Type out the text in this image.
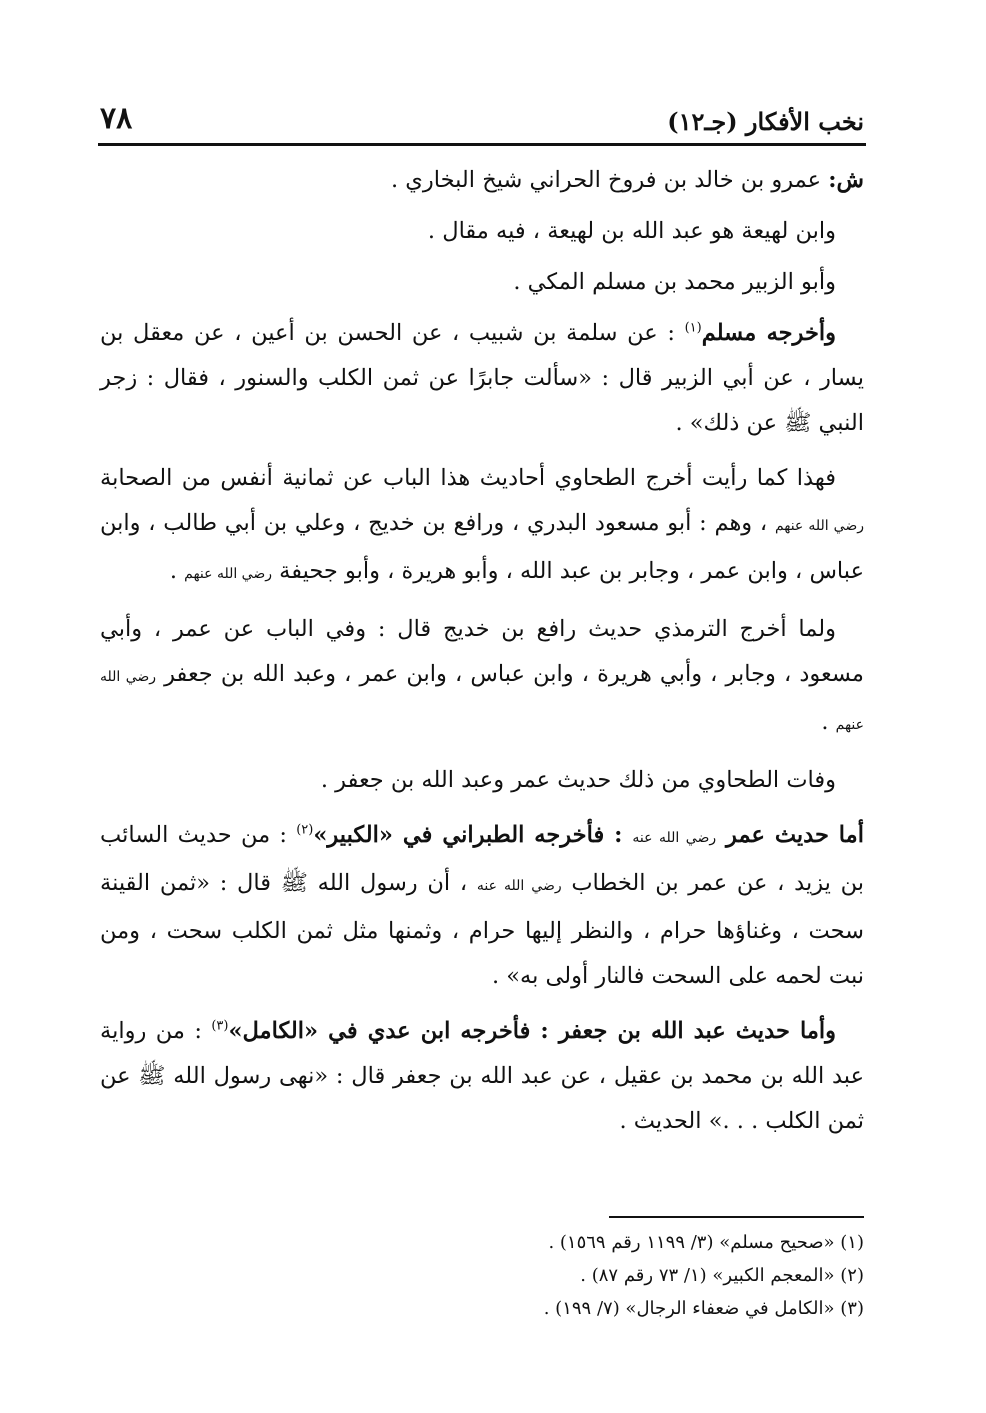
نخب الأفكار (جـ١٢)
٧٨

ش: عمرو بن خالد بن فروخ الحراني شيخ البخاري .

وابن لهيعة هو عبد الله بن لهيعة ، فيه مقال .

وأبو الزبير محمد بن مسلم المكي .

وأخرجه مسلم$^{(١)}$ : عن سلمة بن شبيب ، عن الحسن بن أعين ، عن معقل بن يسار ، عن أبي الزبير قال : «سألت جابرًا عن ثمن الكلب والسنور ، فقال : زجر النبي ﷺ عن ذلك» .

فهذا كما رأيت أخرج الطحاوي أحاديث هذا الباب عن ثمانية أنفس من الصحابة رضي الله عنهم ، وهم : أبو مسعود البدري ، ورافع بن خديج ، وعلي بن أبي طالب ، وابن عباس ، وابن عمر ، وجابر بن عبد الله ، وأبو هريرة ، وأبو جحيفة رضي الله عنهم .

ولما أخرج الترمذي حديث رافع بن خديج قال : وفي الباب عن عمر ، وأبي مسعود ، وجابر ، وأبي هريرة ، وابن عباس ، وابن عمر ، وعبد الله بن جعفر رضي الله عنهم .

وفات الطحاوي من ذلك حديث عمر وعبد الله بن جعفر .

أما حديث عمر رضي الله عنه : فأخرجه الطبراني في «الكبير»$^{(٢)}$ : من حديث السائب بن يزيد ، عن عمر بن الخطاب رضي الله عنه ، أن رسول الله ﷺ قال : «ثمن القينة سحت ، وغناؤها حرام ، والنظر إليها حرام ، وثمنها مثل ثمن الكلب سحت ، ومن نبت لحمه على السحت فالنار أولى به» .

وأما حديث عبد الله بن جعفر : فأخرجه ابن عدي في «الكامل»$^{(٣)}$ : من رواية عبد الله بن محمد بن عقيل ، عن عبد الله بن جعفر قال : «نهى رسول الله ﷺ عن ثمن الكلب . . .» الحديث .

(١) «صحيح مسلم» (٣/ ١١٩٩ رقم ١٥٦٩) .
(٢) «المعجم الكبير» (١/ ٧٣ رقم ٨٧) .
(٣) «الكامل في ضعفاء الرجال» (٧/ ١٩٩) .
